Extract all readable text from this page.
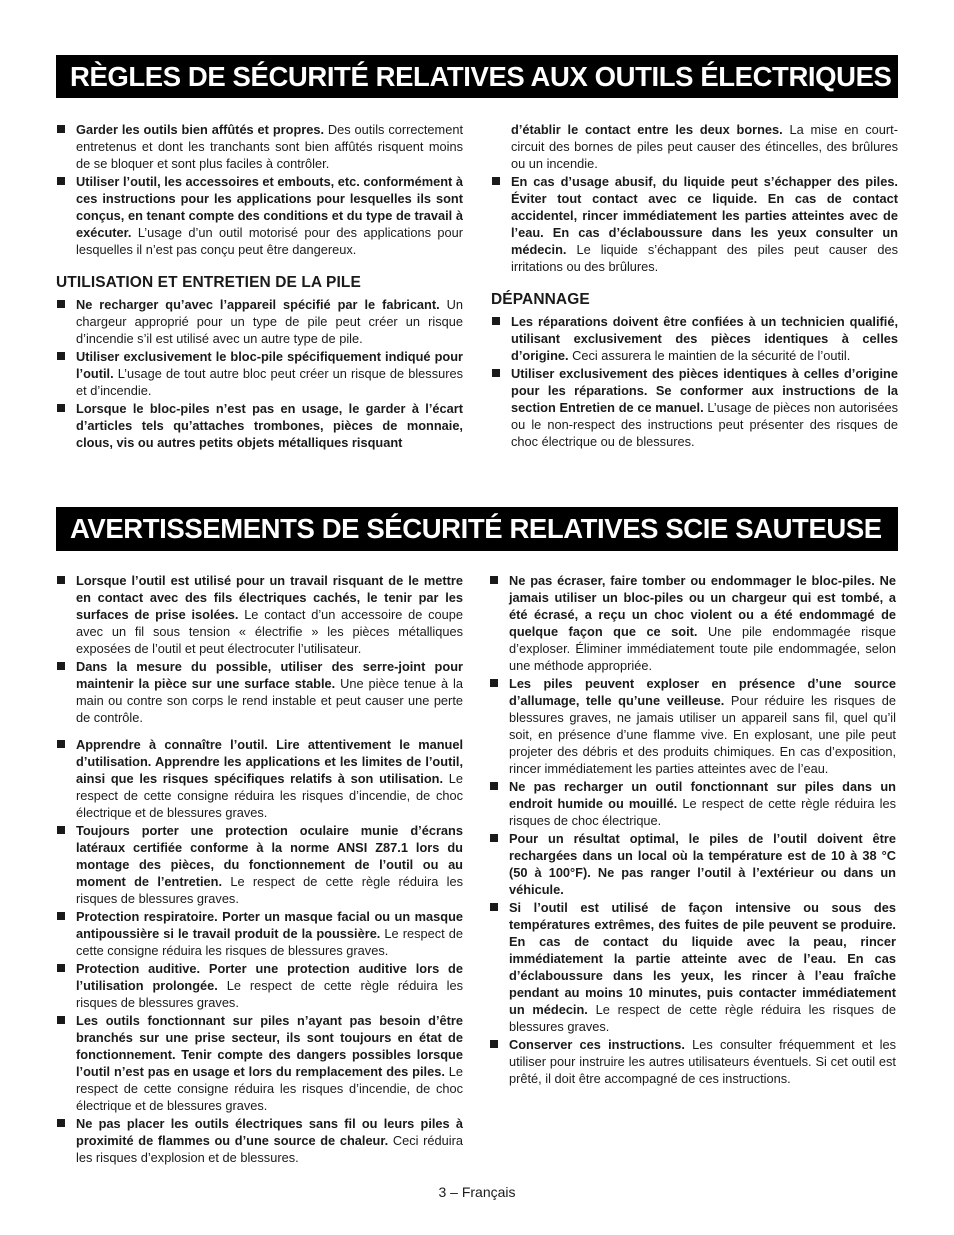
RÈGLES DE SÉCURITÉ RELATIVES AUX OUTILS ÉLECTRIQUES
Garder les outils bien affûtés et propres. Des outils correctement entretenus et dont les tranchants sont bien affûtés risquent moins de se bloquer et sont plus faciles à contrôler.
Utiliser l’outil, les accessoires et embouts, etc. conformément à ces instructions pour les applications pour lesquelles ils sont conçus, en tenant compte des conditions et du type de travail à exécuter. L’usage d’un outil motorisé pour des applications pour lesquelles il n’est pas conçu peut être dangereux.
UTILISATION ET ENTRETIEN DE LA PILE
Ne recharger qu’avec l’appareil spécifié par le fabricant. Un chargeur approprié pour un type de pile peut créer un risque d’incendie s’il est utilisé avec un autre type de pile.
Utiliser exclusivement le bloc-pile spécifiquement indiqué pour l’outil. L’usage de tout autre bloc peut créer un risque de blessures et d’incendie.
Lorsque le bloc-piles n’est pas en usage, le garder à l’écart d’articles tels qu’attaches trombones, pièces de monnaie, clous, vis ou autres petits objets métalliques risquant
d’établir le contact entre les deux bornes. La mise en court-circuit des bornes de piles peut causer des étincelles, des brûlures ou un incendie.
En cas d’usage abusif, du liquide peut s’échapper des piles. Éviter tout contact avec ce liquide. En cas de contact accidentel, rincer immédiatement les parties atteintes avec de l’eau. En cas d’éclaboussure dans les yeux consulter un médecin. Le liquide s’échappant des piles peut causer des irritations ou des brûlures.
DÉPANNAGE
Les réparations doivent être confiées à un technicien qualifié, utilisant exclusivement des pièces identiques à celles d’origine. Ceci assurera le maintien de la sécurité de l’outil.
Utiliser exclusivement des pièces identiques à celles d’origine pour les réparations. Se conformer aux instructions de la section Entretien de ce manuel. L’usage de pièces non autorisées ou le non-respect des instructions peut présenter des risques de choc électrique ou de blessures.
AVERTISSEMENTS DE SÉCURITÉ RELATIVES SCIE SAUTEUSE
Lorsque l’outil est utilisé pour un travail risquant de le mettre en contact avec des fils électriques cachés, le tenir par les surfaces de prise isolées. Le contact d’un accessoire de coupe avec un fil sous tension « électrifie » les pièces métalliques exposées de l’outil et peut électrocuter l’utilisateur.
Dans la mesure du possible, utiliser des serre-joint pour maintenir la pièce sur une surface stable. Une pièce tenue à la main ou contre son corps le rend instable et peut causer une perte de contrôle.
Apprendre à connaître l’outil. Lire attentivement le manuel d’utilisation. Apprendre les applications et les limites de l’outil, ainsi que les risques spécifiques relatifs à son utilisation. Le respect de cette consigne réduira les risques d’incendie, de choc électrique et de blessures graves.
Toujours porter une protection oculaire munie d’écrans latéraux certifiée conforme à la norme ANSI Z87.1 lors du montage des pièces, du fonctionnement de l’outil ou au moment de l’entretien. Le respect de cette règle réduira les risques de blessures graves.
Protection respiratoire. Porter un masque facial ou un masque antipoussière si le travail produit de la poussière. Le respect de cette consigne réduira les risques de blessures graves.
Protection auditive. Porter une protection auditive lors de l’utilisation prolongée. Le respect de cette règle réduira les risques de blessures graves.
Les outils fonctionnant sur piles n’ayant pas besoin d’être branchés sur une prise secteur, ils sont toujours en état de fonctionnement. Tenir compte des dangers possibles lorsque l’outil n’est pas en usage et lors du remplacement des piles. Le respect de cette consigne réduira les risques d’incendie, de choc électrique et de blessures graves.
Ne pas placer les outils électriques sans fil ou leurs piles à proximité de flammes ou d’une source de chaleur. Ceci réduira les risques d’explosion et de blessures.
Ne pas écraser, faire tomber ou endommager le bloc-piles. Ne jamais utiliser un bloc-piles ou un chargeur qui est tombé, a été écrasé, a reçu un choc violent ou a été endommagé de quelque façon que ce soit. Une pile endommagée risque d’exploser. Éliminer immédiatement toute pile endommagée, selon une méthode appropriée.
Les piles peuvent exploser en présence d’une source d’allumage, telle qu’une veilleuse. Pour réduire les risques de blessures graves, ne jamais utiliser un appareil sans fil, quel qu’il soit, en présence d’une flamme vive. En explosant, une pile peut projeter des débris et des produits chimiques. En cas d’exposition, rincer immédiatement les parties atteintes avec de l’eau.
Ne pas recharger un outil fonctionnant sur piles dans un endroit humide ou mouillé. Le respect de cette règle réduira les risques de choc électrique.
Pour un résultat optimal, le piles de l’outil doivent être rechargées dans un local où la température est de 10 à 38 °C (50 à 100°F). Ne pas ranger l’outil à l’extérieur ou dans un véhicule.
Si l’outil est utilisé de façon intensive ou sous des températures extrêmes, des fuites de pile peuvent se produire. En cas de contact du liquide avec la peau, rincer immédiatement la partie atteinte avec de l’eau. En cas d’éclaboussure dans les yeux, les rincer à l’eau fraîche pendant au moins 10 minutes, puis contacter immédiatement un médecin. Le respect de cette règle réduira les risques de blessures graves.
Conserver ces instructions. Les consulter fréquemment et les utiliser pour instruire les autres utilisateurs éventuels. Si cet outil est prêté, il doit être accompagné de ces instructions.
3 – Français
